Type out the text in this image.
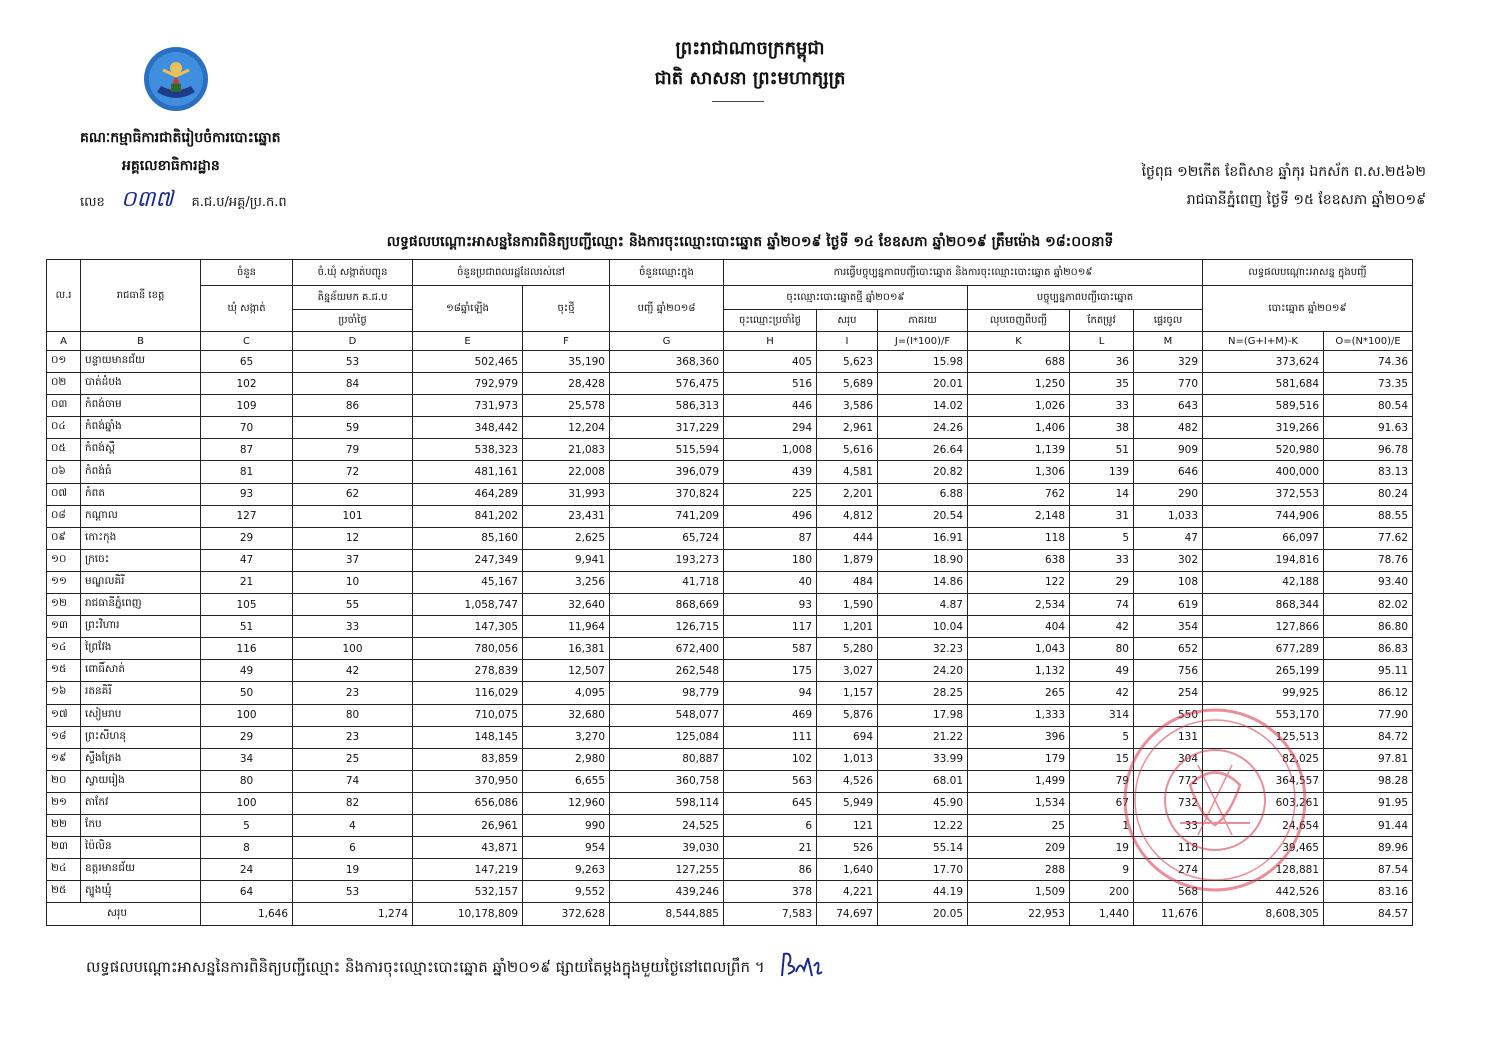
គណៈកម្មាធិការជាតិរៀបចំការបោះឆ្នោត
អគ្គលេខាធិការដ្ឋាន
លេខ ០៣៧ គ.ជ.ប/អគ្គ/ប្រ.ក.ព
ព្រះរាជាណាចក្រកម្ពុជា
ជាតិ សាសនា ព្រះមហាក្សត្រ
ថ្ងៃពុធ ១២កើត ខែពិសាខ ឆ្នាំកុរ ឯកស័ក ព.ស.២៥៦២
រាជធានីភ្នំពេញ ថ្ងៃទី ១៥ ខែឧសភា ឆ្នាំ២០១៩
លទ្ធផលបណ្តោះអាសន្ននៃការពិនិត្យបញ្ជីឈ្មោះ និងការចុះឈ្មោះបោះឆ្នោត ឆ្នាំ២០១៩ ថ្ងៃទី ១៤ ខែឧសភា ឆ្នាំ២០១៩ ត្រឹមម៉ោង ១៨:០០នាទី
ល.រ	រាជធានី ខេត្ត	ចំនួន	ចំ.ឃុំ សង្កាត់បញ្ជូន	ចំនួនប្រជាពលរដ្ឋដែលរស់នៅ		ចំនួនឈ្មោះក្នុង	ការធ្វើបច្ចុប្បន្នភាពបញ្ជីបោះឆ្នោត និងការចុះឈ្មោះបោះឆ្នោត ឆ្នាំ២០១៩						លទ្ធផលបណ្តោះអាសន្ន ក្នុងបញ្ជី	
		ឃុំ សង្កាត់	តិន្នន័យមក គ.ជ.ប	១៨ឆ្នាំឡើង	ចុះថ្មី	បញ្ជី ឆ្នាំ២០១៨	ចុះឈ្មោះបោះឆ្នោតថ្មី ឆ្នាំ២០១៩			បច្ចុប្បន្នភាពបញ្ជីបោះឆ្នោត			បោះឆ្នោត ឆ្នាំ២០១៩	
			ប្រចាំថ្ងៃ				ចុះឈ្មោះប្រចាំថ្ងៃ	សរុប	ភាគរយ	លុបចេញពីបញ្ជី	កែតម្រូវ	ផ្ទេរចូល		
A	B	C	D	E	F	G	H	I	J=(I*100)/F	K	L	M	N=(G+I+M)-K	O=(N*100)/E
០១	បន្ទាយមានជ័យ	65	53	502,465	35,190	368,360	405	5,623	15.98	688	36	329	373,624	74.36
០២	បាត់ដំបង	102	84	792,979	28,428	576,475	516	5,689	20.01	1,250	35	770	581,684	73.35
០៣	កំពង់ចាម	109	86	731,973	25,578	586,313	446	3,586	14.02	1,026	33	643	589,516	80.54
០៤	កំពង់ឆ្នាំង	70	59	348,442	12,204	317,229	294	2,961	24.26	1,406	38	482	319,266	91.63
០៥	កំពង់ស្ពឺ	87	79	538,323	21,083	515,594	1,008	5,616	26.64	1,139	51	909	520,980	96.78
០៦	កំពង់ធំ	81	72	481,161	22,008	396,079	439	4,581	20.82	1,306	139	646	400,000	83.13
០៧	កំពត	93	62	464,289	31,993	370,824	225	2,201	6.88	762	14	290	372,553	80.24
០៨	កណ្តាល	127	101	841,202	23,431	741,209	496	4,812	20.54	2,148	31	1,033	744,906	88.55
០៩	កោះកុង	29	12	85,160	2,625	65,724	87	444	16.91	118	5	47	66,097	77.62
១០	ក្រចេះ	47	37	247,349	9,941	193,273	180	1,879	18.90	638	33	302	194,816	78.76
១១	មណ្ឌលគិរី	21	10	45,167	3,256	41,718	40	484	14.86	122	29	108	42,188	93.40
១២	រាជធានីភ្នំពេញ	105	55	1,058,747	32,640	868,669	93	1,590	4.87	2,534	74	619	868,344	82.02
១៣	ព្រះវិហារ	51	33	147,305	11,964	126,715	117	1,201	10.04	404	42	354	127,866	86.80
១៤	ព្រៃវែង	116	100	780,056	16,381	672,400	587	5,280	32.23	1,043	80	652	677,289	86.83
១៥	ពោធិ៍សាត់	49	42	278,839	12,507	262,548	175	3,027	24.20	1,132	49	756	265,199	95.11
១៦	រតនគិរី	50	23	116,029	4,095	98,779	94	1,157	28.25	265	42	254	99,925	86.12
១៧	សៀមរាប	100	80	710,075	32,680	548,077	469	5,876	17.98	1,333	314	550	553,170	77.90
១៨	ព្រះសីហនុ	29	23	148,145	3,270	125,084	111	694	21.22	396	5	131	125,513	84.72
១៩	ស្ទឹងត្រែង	34	25	83,859	2,980	80,887	102	1,013	33.99	179	15	304	82,025	97.81
២០	ស្វាយរៀង	80	74	370,950	6,655	360,758	563	4,526	68.01	1,499	79	772	364,557	98.28
២១	តាកែវ	100	82	656,086	12,960	598,114	645	5,949	45.90	1,534	67	732	603,261	91.95
២២	កែប	5	4	26,961	990	24,525	6	121	12.22	25	1	33	24,654	91.44
២៣	ប៉ៃលិន	8	6	43,871	954	39,030	21	526	55.14	209	19	118	39,465	89.96
២៤	ឧត្តរមានជ័យ	24	19	147,219	9,263	127,255	86	1,640	17.70	288	9	274	128,881	87.54
២៥	ត្បូងឃ្មុំ	64	53	532,157	9,552	439,246	378	4,221	44.19	1,509	200	568	442,526	83.16
សរុប		1,646	1,274	10,178,809	372,628	8,544,885	7,583	74,697	20.05	22,953	1,440	11,676	8,608,305	84.57
លទ្ធផលបណ្តោះអាសន្ននៃការពិនិត្យបញ្ជីឈ្មោះ និងការចុះឈ្មោះបោះឆ្នោត ឆ្នាំ២០១៩ ផ្សាយតែម្តងក្នុងមួយថ្ងៃនៅពេលព្រឹក ។
